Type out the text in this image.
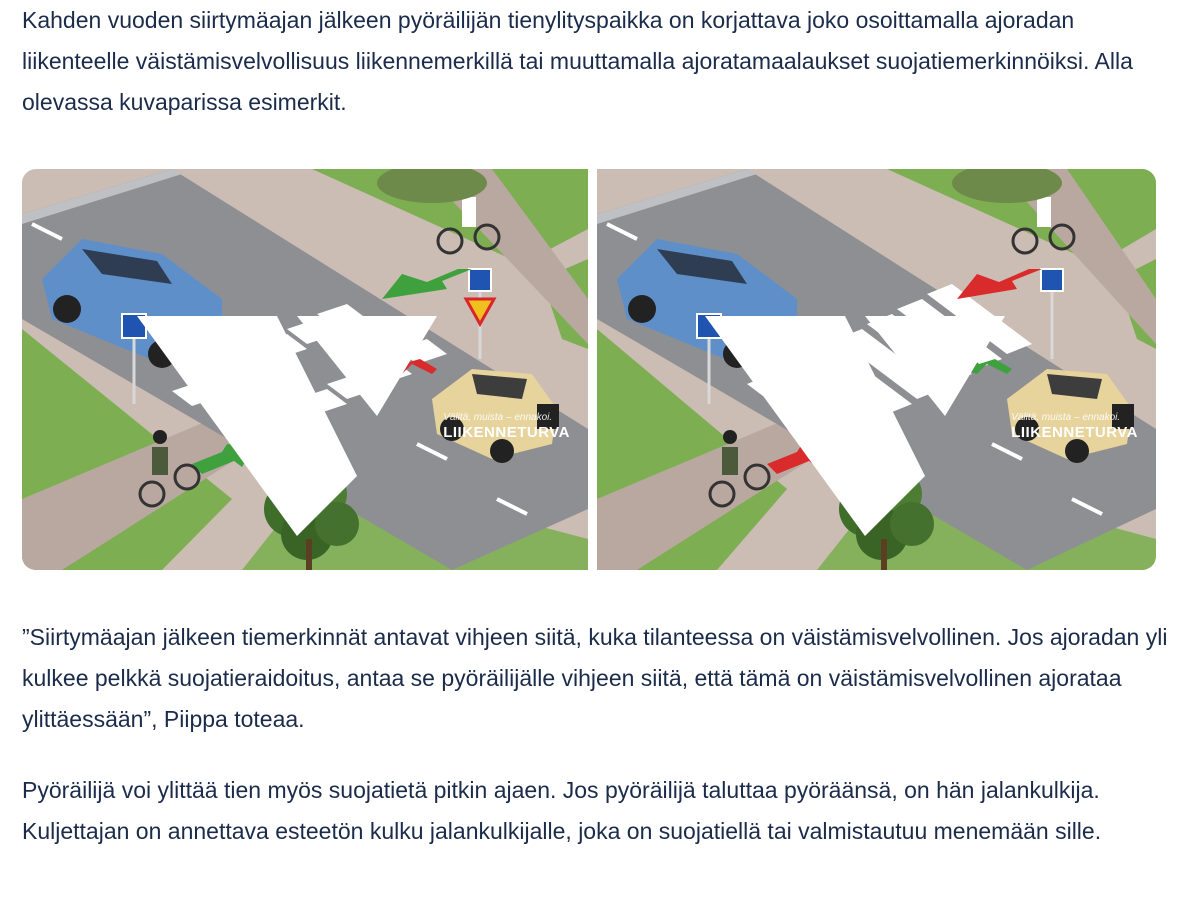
Kahden vuoden siirtymäajan jälkeen pyöräilijän tienylityspaikka on korjattava joko osoittamalla ajoradan liikenteelle väistämisvelvollisuus liikennemerkillä tai muuttamalla ajoratamaalaukset suojatiemerkinnöiksi. Alla olevassa kuvaparissa esimerkit.

Välitä, muista – ennakoi.
LIIKENNETURVA
Välitä, muista – ennakoi.
LIIKENNETURVA

”Siirtymäajan jälkeen tiemerkinnät antavat vihjeen siitä, kuka tilanteessa on väistämisvelvollinen. Jos ajoradan yli kulkee pelkkä suojatieraidoitus, antaa se pyöräilijälle vihjeen siitä, että tämä on väistämisvelvollinen ajorataa ylittäessään”, Piippa toteaa.

Pyöräilijä voi ylittää tien myös suojatietä pitkin ajaen. Jos pyöräilijä taluttaa pyöräänsä, on hän jalankulkija. Kuljettajan on annettava esteetön kulku jalankulkijalle, joka on suojatiellä tai valmistautuu menemään sille.
